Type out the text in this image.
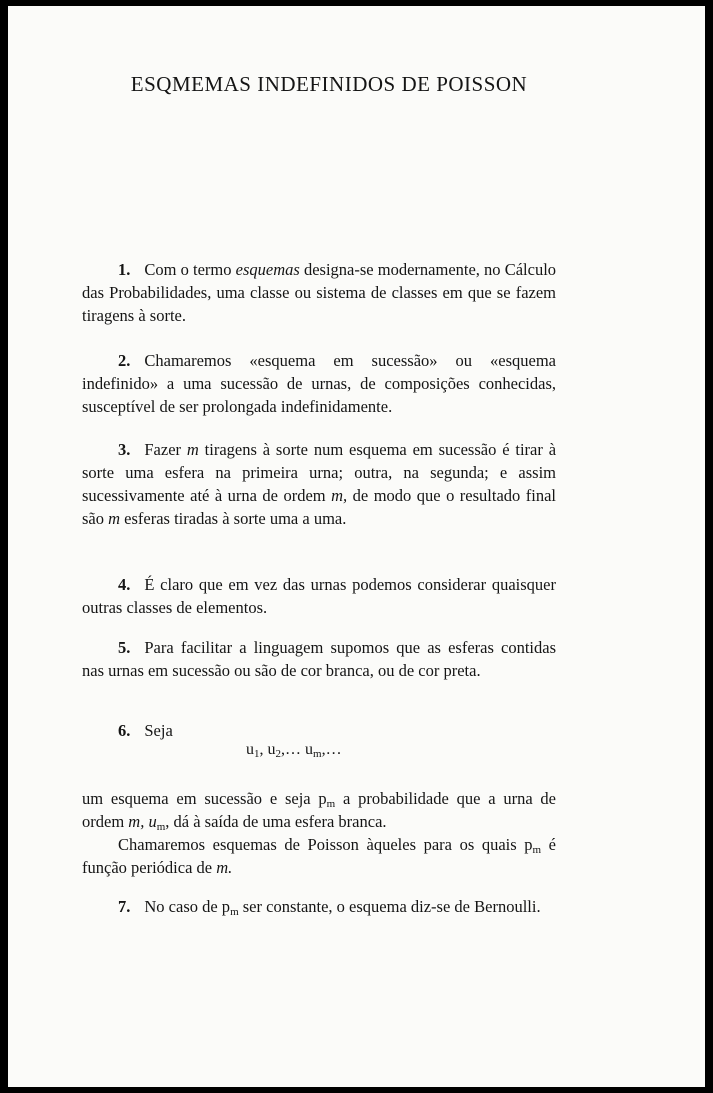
ESQMEMAS INDEFINIDOS DE POISSON

1. Com o termo esquemas designa-se modernamente, no Cálculo das Probabilidades, uma classe ou sistema de classes em que se fazem tiragens à sorte.

2. Chamaremos «esquema em sucessão» ou «esquema indefinido» a uma sucessão de urnas, de composições conhecidas, susceptível de ser prolongada indefinidamente.

3. Fazer m tiragens à sorte num esquema em sucessão é tirar à sorte uma esfera na primeira urna; outra, na segunda; e assim sucessivamente até à urna de ordem m, de modo que o resultado final são m esferas tiradas à sorte uma a uma.

4. É claro que em vez das urnas podemos considerar quaisquer outras classes de elementos.

5. Para facilitar a linguagem supomos que as esferas contidas nas urnas em sucessão ou são de cor branca, ou de cor preta.

6. Seja

$u_1$, $u_2,\dots$ $u_m,\dots$

um esquema em sucessão e seja $p_m$ a probabilidade que a urna de ordem m, $u_m$, dá à saída de uma esfera branca.

Chamaremos esquemas de Poisson àqueles para os quais $p_m$ é função periódica de m.

7. No caso de $p_m$ ser constante, o esquema diz-se de Bernoulli.
